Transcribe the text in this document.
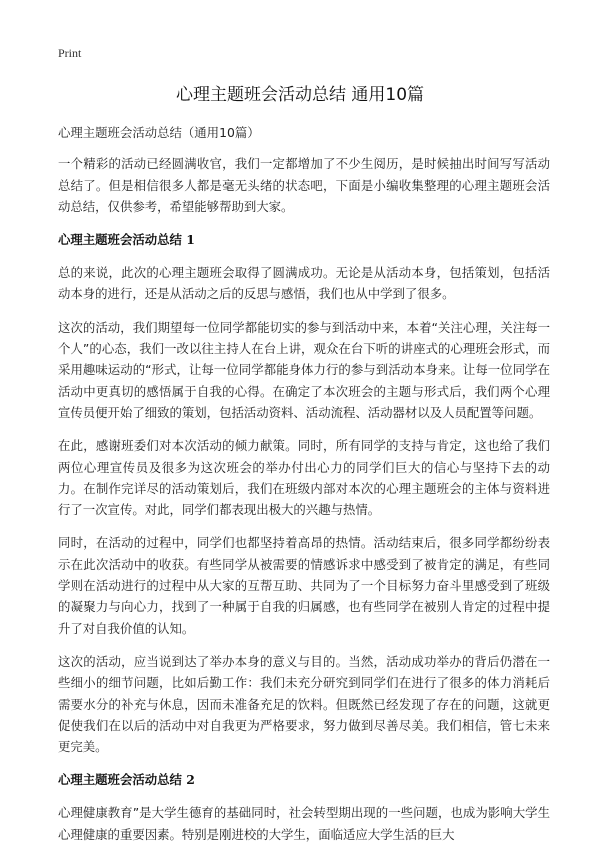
Print
心理主题班会活动总结 通用10篇

心理主题班会活动总结（通用10篇）

一个精彩的活动已经圆满收官，我们一定都增加了不少生阅历，是时候抽出时间写写活动总结了。但是相信很多人都是毫无头绪的状态吧，下面是小编收集整理的心理主题班会活动总结，仅供参考，希望能够帮助到大家。

心理主题班会活动总结 1

总的来说，此次的心理主题班会取得了圆满成功。无论是从活动本身，包括策划，包括活动本身的进行，还是从活动之后的反思与感悟，我们也从中学到了很多。

这次的活动，我们期望每一位同学都能切实的参与到活动中来，本着“关注心理，关注每一个人”的心态，我们一改以往主持人在台上讲，观众在台下听的讲座式的心理班会形式，而采用趣味运动的“形式，让每一位同学都能身体力行的参与到活动本身来。让每一位同学在活动中更真切的感悟属于自我的心得。在确定了本次班会的主题与形式后，我们两个心理宣传员便开始了细致的策划，包括活动资料、活动流程、活动器材以及人员配置等问题。

在此，感谢班委们对本次活动的倾力献策。同时，所有同学的支持与肯定，这也给了我们两位心理宣传员及很多为这次班会的举办付出心力的同学们巨大的信心与坚持下去的动力。在制作完详尽的活动策划后，我们在班级内部对本次的心理主题班会的主体与资料进行了一次宣传。对此，同学们都表现出极大的兴趣与热情。

同时，在活动的过程中，同学们也都坚持着高昂的热情。活动结束后，很多同学都纷纷表示在此次活动中的收获。有些同学从被需要的情感诉求中感受到了被肯定的满足，有些同学则在活动进行的过程中从大家的互帮互助、共同为了一个目标努力奋斗里感受到了班级的凝聚力与向心力，找到了一种属于自我的归属感，也有些同学在被别人肯定的过程中提升了对自我价值的认知。

这次的活动，应当说到达了举办本身的意义与目的。当然，活动成功举办的背后仍潜在一些细小的细节问题，比如后勤工作：我们未充分研究到同学们在进行了很多的体力消耗后需要水分的补充与休息，因而未准备充足的饮料。但既然已经发现了存在的问题，这就更促使我们在以后的活动中对自我更为严格要求，努力做到尽善尽美。我们相信，管七未来更完美。

心理主题班会活动总结 2

心理健康教育”是大学生德育的基础同时，社会转型期出现的一些问题，也成为影响大学生心理健康的重要因素。特别是刚进校的大学生，面临适应大学生活的巨大
